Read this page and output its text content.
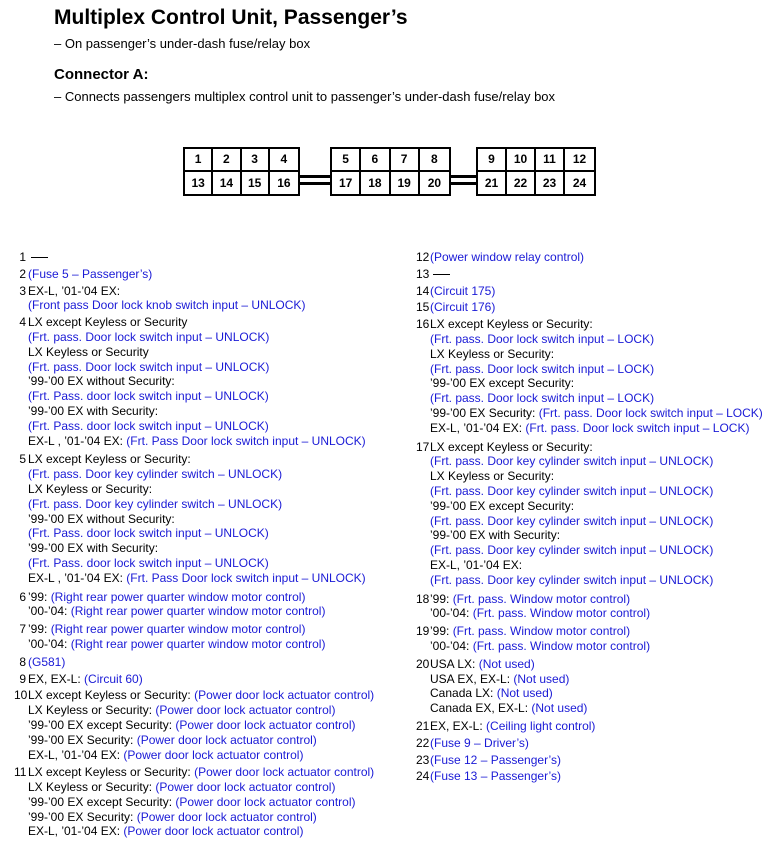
Multiplex Control Unit, Passenger’s
– On passenger’s under-dash fuse/relay box
Connector A:
– Connects passengers multiplex control unit to passenger’s under-dash fuse/relay box
1	2	3	4
13	14	15	16
5	6	7	8
17	18	19	20
9	10	11	12
21	22	23	24
1
2 (Fuse 5 – Passenger’s)
3 EX-L, ’01-’04 EX:
(Front pass Door lock knob switch input – UNLOCK)
4 LX except Keyless or Security
(Frt. pass. Door lock switch input – UNLOCK)
LX Keyless or Security
(Frt. pass. Door lock switch input – UNLOCK)
’99-’00 EX without Security:
(Frt. Pass. door lock switch input – UNLOCK)
’99-’00 EX with Security:
(Frt. Pass. door lock switch input – UNLOCK)
EX-L , ’01-’04 EX: (Frt. Pass Door lock switch input – UNLOCK)
5 LX except Keyless or Security:
(Frt. pass. Door key cylinder switch – UNLOCK)
LX Keyless or Security:
(Frt. pass. Door key cylinder switch – UNLOCK)
’99-’00 EX without Security:
(Frt. Pass. door lock switch input – UNLOCK)
’99-’00 EX with Security:
(Frt. Pass. door lock switch input – UNLOCK)
EX-L , ’01-’04 EX: (Frt. Pass Door lock switch input – UNLOCK)
6 ’99: (Right rear power quarter window motor control)
’00-’04: (Right rear power quarter window motor control)
7 ’99: (Right rear power quarter window motor control)
’00-’04: (Right rear power quarter window motor control)
8 (G581)
9 EX, EX-L: (Circuit 60)
10 LX except Keyless or Security: (Power door lock actuator control)
LX Keyless or Security: (Power door lock actuator control)
’99-’00 EX except Security: (Power door lock actuator control)
’99-’00 EX Security: (Power door lock actuator control)
EX-L, ’01-’04 EX: (Power door lock actuator control)
11 LX except Keyless or Security: (Power door lock actuator control)
LX Keyless or Security: (Power door lock actuator control)
’99-’00 EX except Security: (Power door lock actuator control)
’99-’00 EX Security: (Power door lock actuator control)
EX-L, ’01-’04 EX: (Power door lock actuator control)
12 (Power window relay control)
13
14 (Circuit 175)
15 (Circuit 176)
16 LX except Keyless or Security:
(Frt. pass. Door lock switch input – LOCK)
LX Keyless or Security:
(Frt. pass. Door lock switch input – LOCK)
’99-’00 EX except Security:
(Frt. pass. Door lock switch input – LOCK)
’99-’00 EX Security: (Frt. pass. Door lock switch input – LOCK)
EX-L, ’01-’04 EX: (Frt. pass. Door lock switch input – LOCK)
17 LX except Keyless or Security:
(Frt. pass. Door key cylinder switch input – UNLOCK)
LX Keyless or Security:
(Frt. pass. Door key cylinder switch input – UNLOCK)
’99-’00 EX except Security:
(Frt. pass. Door key cylinder switch input – UNLOCK)
’99-’00 EX with Security:
(Frt. pass. Door key cylinder switch input – UNLOCK)
EX-L, ’01-’04 EX:
(Frt. pass. Door key cylinder switch input – UNLOCK)
18 ’99: (Frt. pass. Window motor control)
’00-’04: (Frt. pass. Window motor control)
19 ’99: (Frt. pass. Window motor control)
’00-’04: (Frt. pass. Window motor control)
20 USA LX: (Not used)
USA EX, EX-L: (Not used)
Canada LX: (Not used)
Canada EX, EX-L: (Not used)
21 EX, EX-L: (Ceiling light control)
22 (Fuse 9 – Driver’s)
23 (Fuse 12 – Passenger’s)
24 (Fuse 13 – Passenger’s)
